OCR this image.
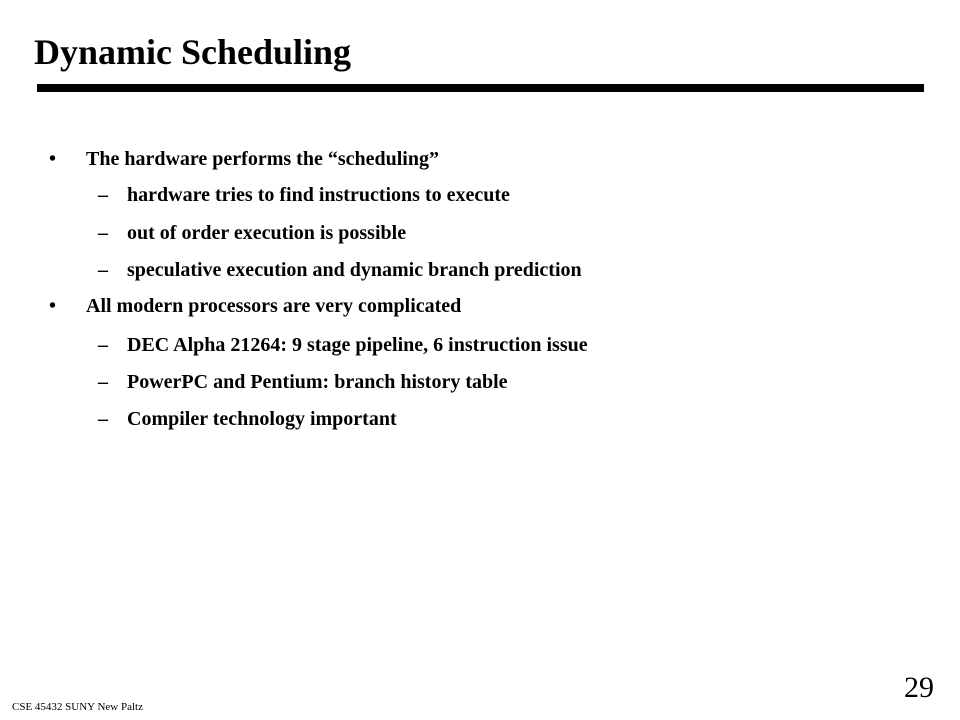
Dynamic Scheduling
• The hardware performs the “scheduling”
– hardware tries to find instructions to execute
– out of order execution is possible
– speculative execution and dynamic branch prediction
• All modern processors are very complicated
– DEC Alpha 21264: 9 stage pipeline, 6 instruction issue
– PowerPC and Pentium: branch history table
– Compiler technology important
CSE 45432 SUNY New Paltz
29
